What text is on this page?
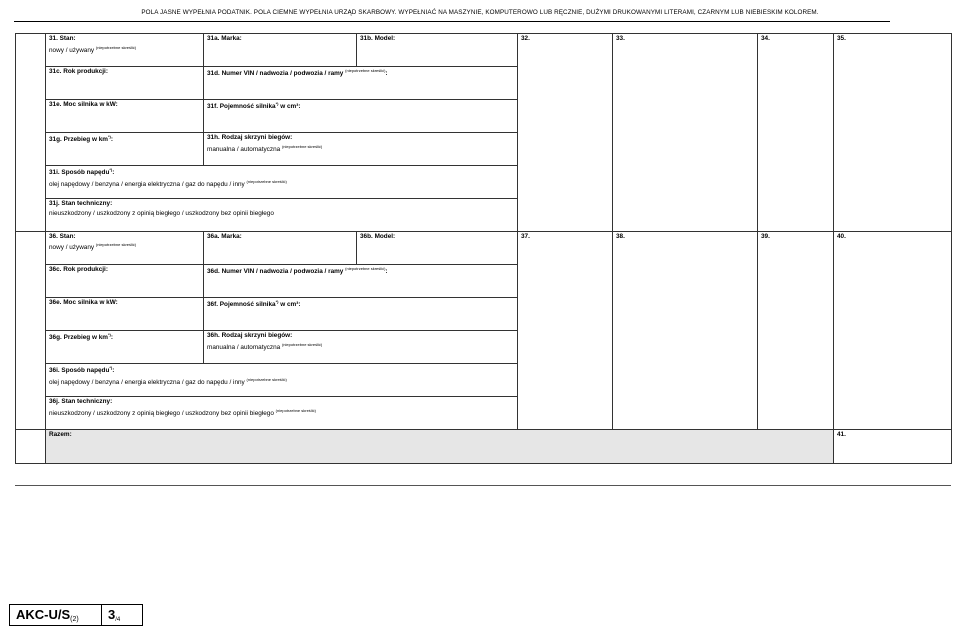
POLA JASNE WYPEŁNIA PODATNIK. POLA CIEMNE WYPEŁNIA URZĄD SKARBOWY. WYPEŁNIAĆ NA MASZYNIE, KOMPUTEROWO LUB RĘCZNIE, DUŻYMI DRUKOWANYMI LITERAMI, CZARNYM LUB NIEBIESKIM KOLOREM.

	31. Stan:
nowy / używany $^{(niepotrzebne skreślić)}$	31a. Marka:	31b. Model:	32.	33.	34.	35.

	31c. Rok produkcji:	31d. Numer VIN / nadwozia / podwozia / ramy $^{(niepotrzebne skreślić)}$:					

	31e. Moc silnika w kW:	31f. Pojemność silnika*) w cm³:					

	31g. Przebieg w km*):	31h. Rodzaj skrzyni biegów:
manualna / automatyczna $^{(niepotrzebne skreślić)}$

	31i. Sposób napędu*):
olej napędowy / benzyna / energia elektryczna / gaz do napędu / inny $^{(niepotrzebne skreślić)}$

	31j. Stan techniczny:
nieuszkodzony / uszkodzony z opinią biegłego / uszkodzony bez opinii biegłego						

	36. Stan:
nowy / używany $^{(niepotrzebne skreślić)}$	36a. Marka:	36b. Model:	37.	38.	39.	40.

	36c. Rok produkcji:	36d. Numer VIN / nadwozia / podwozia / ramy $^{(niepotrzebne skreślić)}$:					

	36e. Moc silnika w kW:	36f. Pojemność silnika*) w cm³:					

	36g. Przebieg w km*):	36h. Rodzaj skrzyni biegów:
manualna / automatyczna $^{(niepotrzebne skreślić)}$

	36i. Sposób napędu*):
olej napędowy / benzyna / energia elektryczna / gaz do napędu / inny $^{(niepotrzebne skreślić)}$

	36j. Stan techniczny:
nieuszkodzony / uszkodzony z opinią biegłego / uszkodzony bez opinii biegłego $^{(niepotrzebne skreślić)}$

	Razem:						41.
AKC-$U/S_{(2)}$	$3_{/4}$
